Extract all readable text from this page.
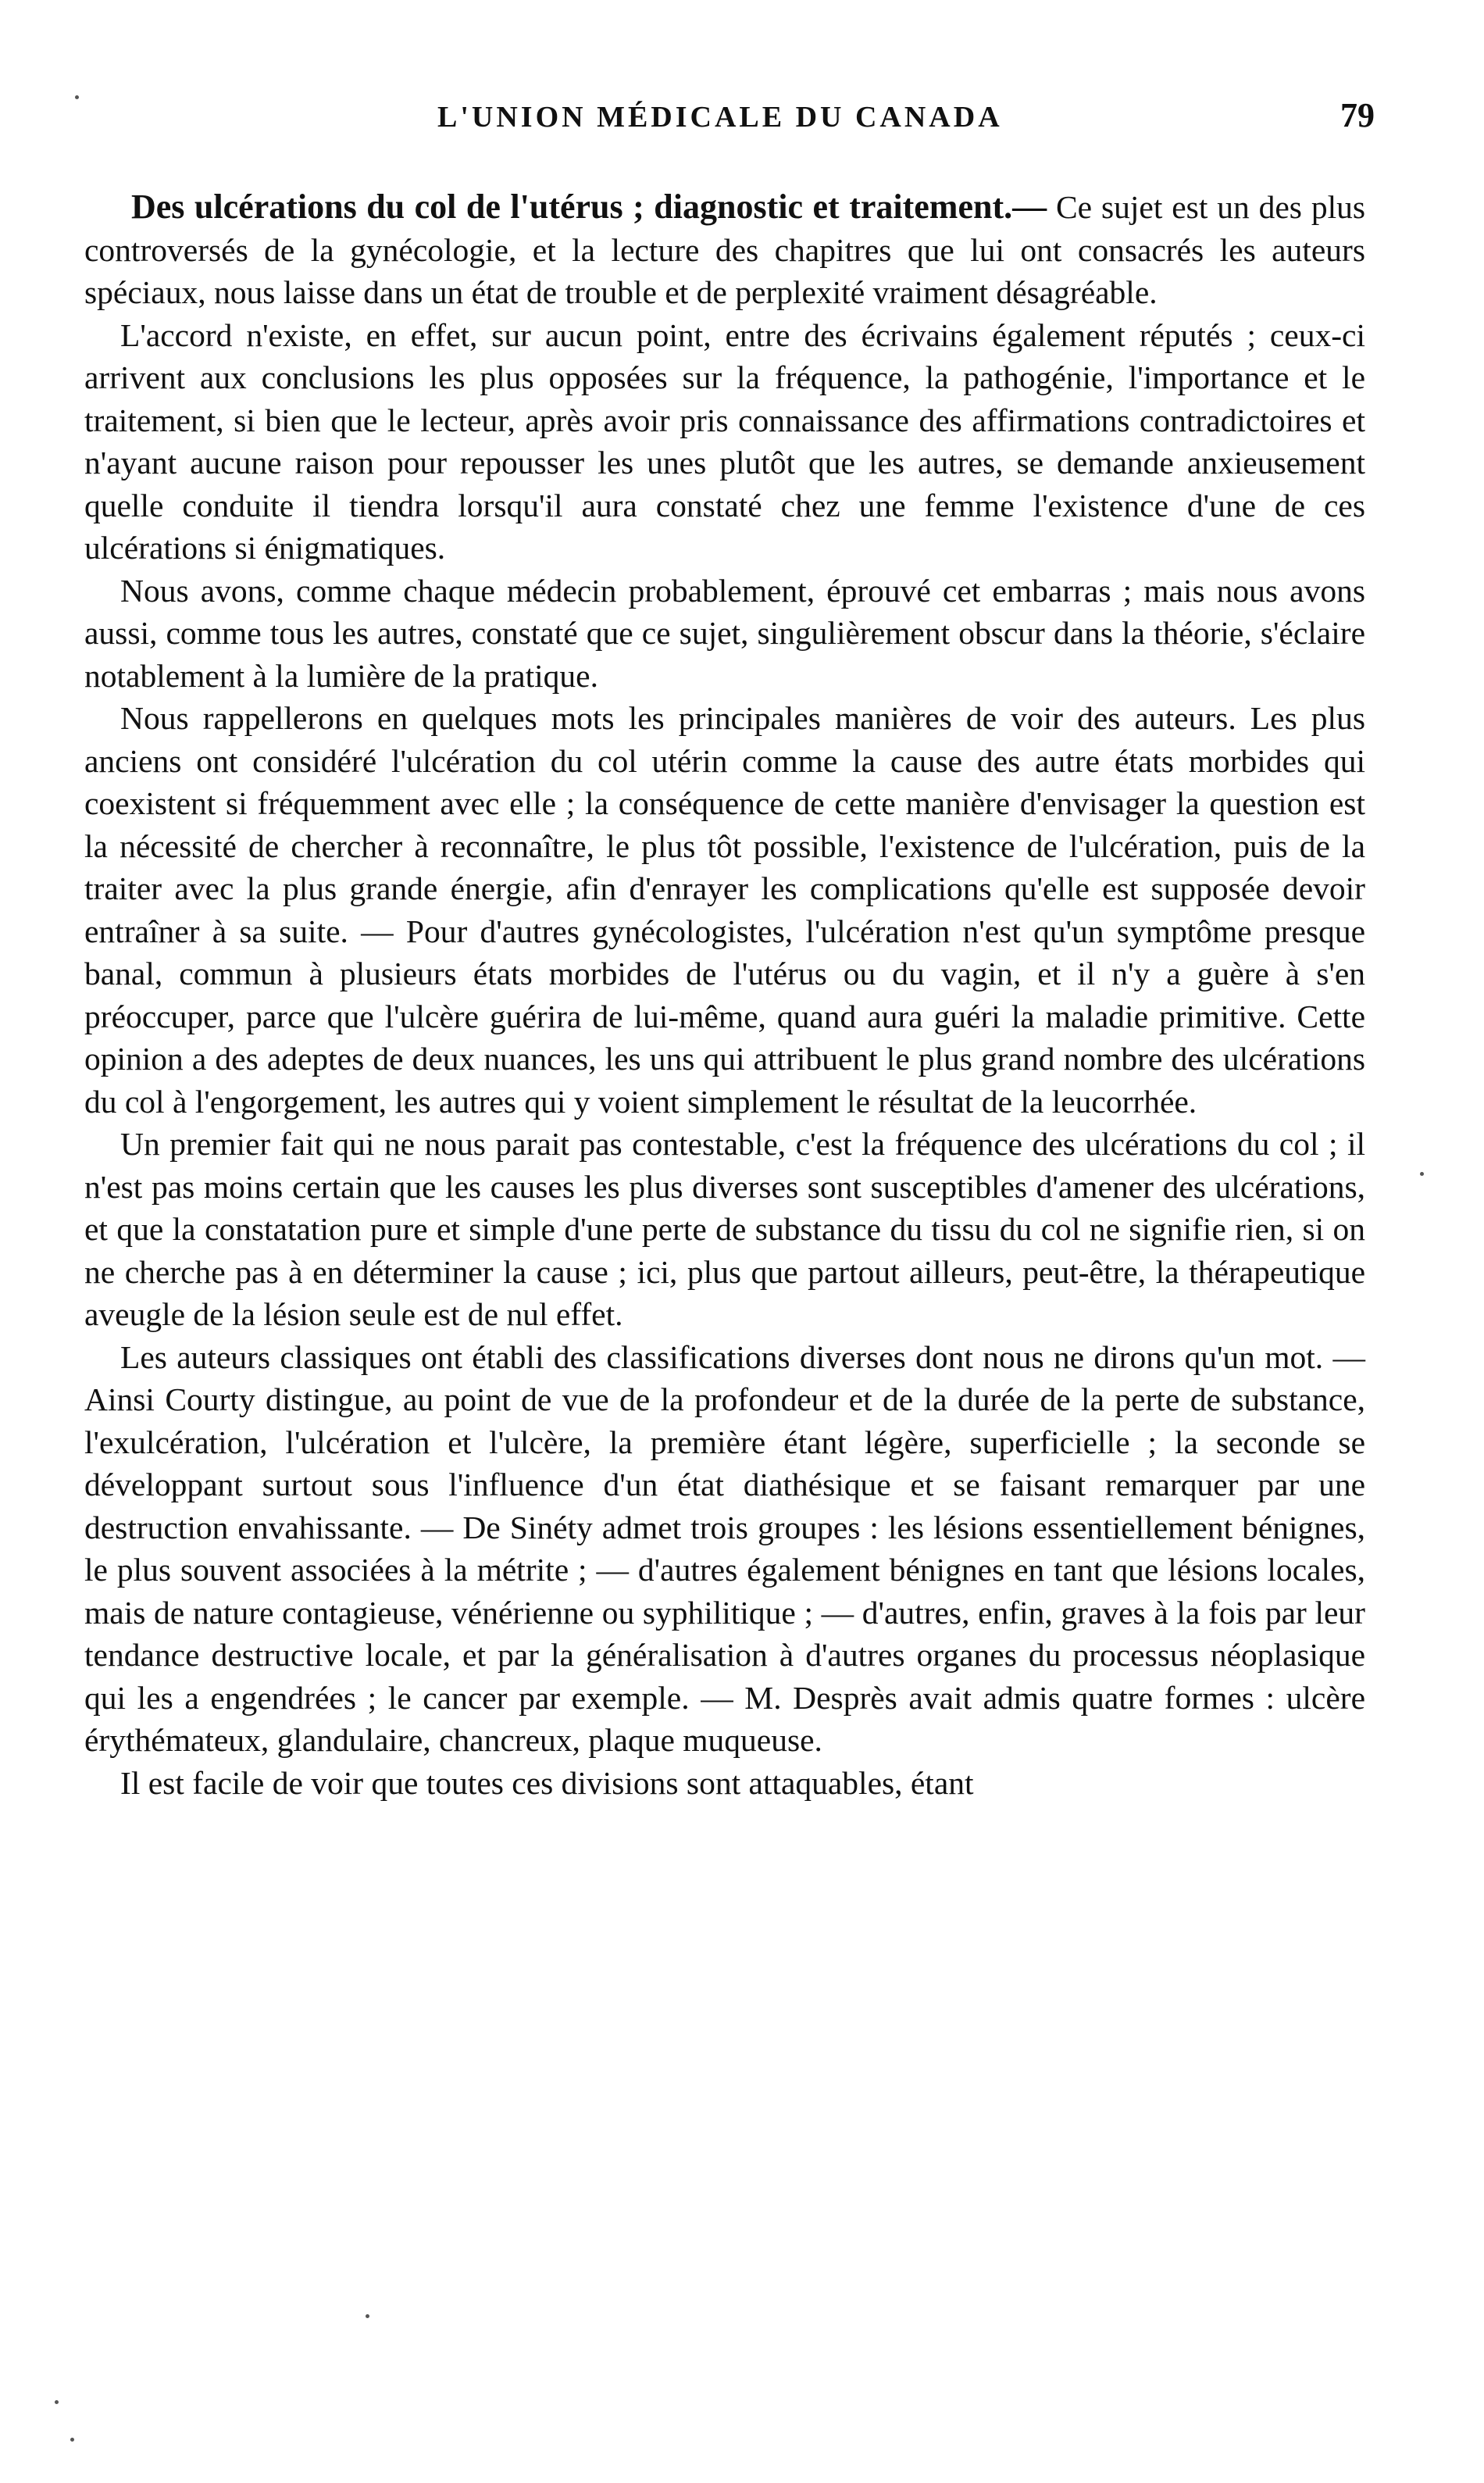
L'UNION MÉDICALE DU CANADA	79

Des ulcérations du col de l'utérus ; diagnostic et traitement.— Ce sujet est un des plus controversés de la gynécologie, et la lecture des chapitres que lui ont consacrés les auteurs spéciaux, nous laisse dans un état de trouble et de perplexité vraiment désagréable.

L'accord n'existe, en effet, sur aucun point, entre des écrivains également réputés ; ceux-ci arrivent aux conclusions les plus opposées sur la fréquence, la pathogénie, l'importance et le traitement, si bien que le lecteur, après avoir pris connaissance des affirmations contradictoires et n'ayant aucune raison pour repousser les unes plutôt que les autres, se demande anxieusement quelle conduite il tiendra lorsqu'il aura constaté chez une femme l'existence d'une de ces ulcérations si énigmatiques.

Nous avons, comme chaque médecin probablement, éprouvé cet embarras ; mais nous avons aussi, comme tous les autres, constaté que ce sujet, singulièrement obscur dans la théorie, s'éclaire notablement à la lumière de la pratique.

Nous rappellerons en quelques mots les principales manières de voir des auteurs. Les plus anciens ont considéré l'ulcération du col utérin comme la cause des autre états morbides qui coexistent si fréquemment avec elle ; la conséquence de cette manière d'envisager la question est la nécessité de chercher à reconnaître, le plus tôt possible, l'existence de l'ulcération, puis de la traiter avec la plus grande énergie, afin d'enrayer les complications qu'elle est supposée devoir entraîner à sa suite. — Pour d'autres gynécologistes, l'ulcération n'est qu'un symptôme presque banal, commun à plusieurs états morbides de l'utérus ou du vagin, et il n'y a guère à s'en préoccuper, parce que l'ulcère guérira de lui-même, quand aura guéri la maladie primitive. Cette opinion a des adeptes de deux nuances, les uns qui attribuent le plus grand nombre des ulcérations du col à l'engorgement, les autres qui y voient simplement le résultat de la leucorrhée.

Un premier fait qui ne nous parait pas contestable, c'est la fréquence des ulcérations du col ; il n'est pas moins certain que les causes les plus diverses sont susceptibles d'amener des ulcérations, et que la constatation pure et simple d'une perte de substance du tissu du col ne signifie rien, si on ne cherche pas à en déterminer la cause ; ici, plus que partout ailleurs, peut-être, la thérapeutique aveugle de la lésion seule est de nul effet.

Les auteurs classiques ont établi des classifications diverses dont nous ne dirons qu'un mot. — Ainsi Courty distingue, au point de vue de la profondeur et de la durée de la perte de substance, l'exulcération, l'ulcération et l'ulcère, la première étant légère, superficielle ; la seconde se développant surtout sous l'influence d'un état diathésique et se faisant remarquer par une destruction envahissante. — De Sinéty admet trois groupes : les lésions essentiellement bénignes, le plus souvent associées à la métrite ; — d'autres également bénignes en tant que lésions locales, mais de nature contagieuse, vénérienne ou syphilitique ; — d'autres, enfin, graves à la fois par leur tendance destructive locale, et par la généralisation à d'autres organes du processus néoplasique qui les a engendrées ; le cancer par exemple. — M. Desprès avait admis quatre formes : ulcère érythémateux, glandulaire, chancreux, plaque muqueuse.

Il est facile de voir que toutes ces divisions sont attaquables, étant
